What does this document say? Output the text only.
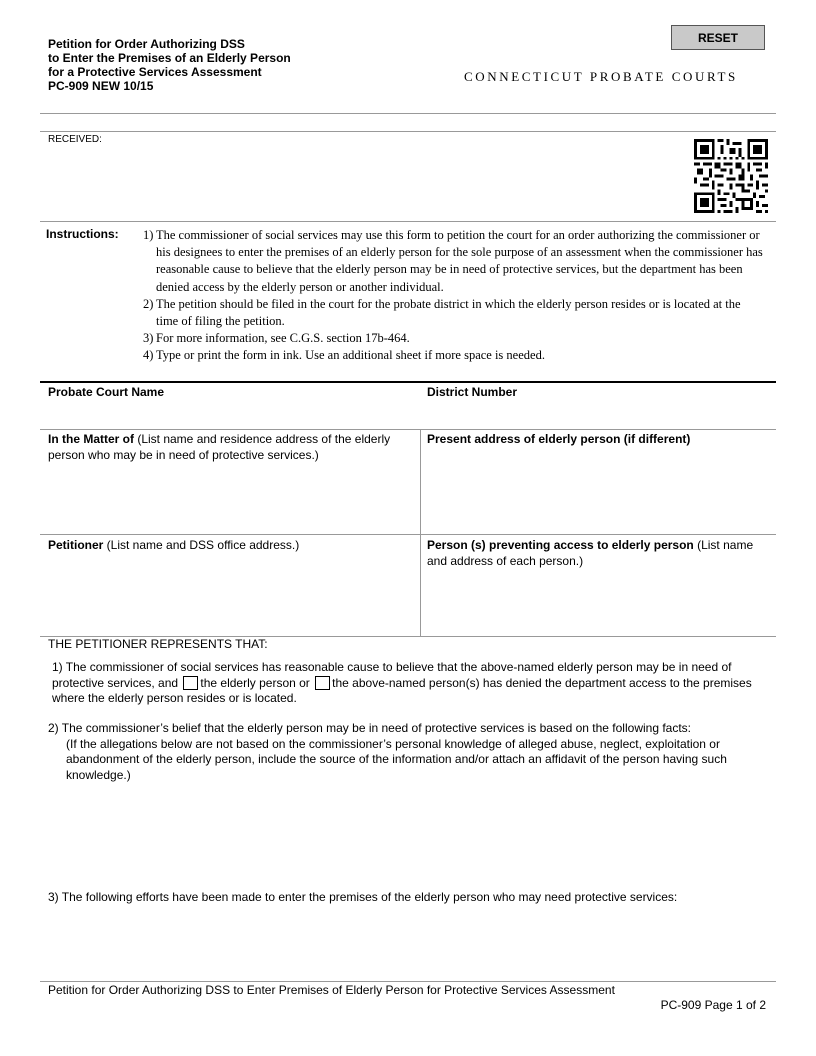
Petition for Order Authorizing DSS
to Enter the Premises of an Elderly Person
for a Protective Services Assessment
PC-909 NEW 10/15
RESET
CONNECTICUT PROBATE COURTS
RECEIVED:
Instructions: 1) The commissioner of social services may use this form to petition the court for an order authorizing the commissioner or his designees to enter the premises of an elderly person for the sole purpose of an assessment when the commissioner has reasonable cause to believe that the elderly person may be in need of protective services, but the department has been denied access by the elderly person or another individual.
2) The petition should be filed in the court for the probate district in which the elderly person resides or is located at the time of filing the petition.
3) For more information, see C.G.S. section 17b-464.
4) Type or print the form in ink. Use an additional sheet if more space is needed.
Probate Court Name	District Number
In the Matter of (List name and residence address of the elderly person who may be in need of protective services.)
Present address of elderly person (if different)
Petitioner (List name and DSS office address.)	Person (s) preventing access to elderly person (List name and address of each person.)
THE PETITIONER REPRESENTS THAT:
1) The commissioner of social services has reasonable cause to believe that the above-named elderly person may be in need of protective services, and the elderly person or the above-named person(s) has denied the department access to the premises where the elderly person resides or is located.
2) The commissioner’s belief that the elderly person may be in need of protective services is based on the following facts:
(If the allegations below are not based on the commissioner’s personal knowledge of alleged abuse, neglect, exploitation or abandonment of the elderly person, include the source of the information and/or attach an affidavit of the person having such knowledge.)
3) The following efforts have been made to enter the premises of the elderly person who may need protective services:
Petition for Order Authorizing DSS to Enter Premises of Elderly Person for Protective Services Assessment
PC-909 Page 1 of 2
